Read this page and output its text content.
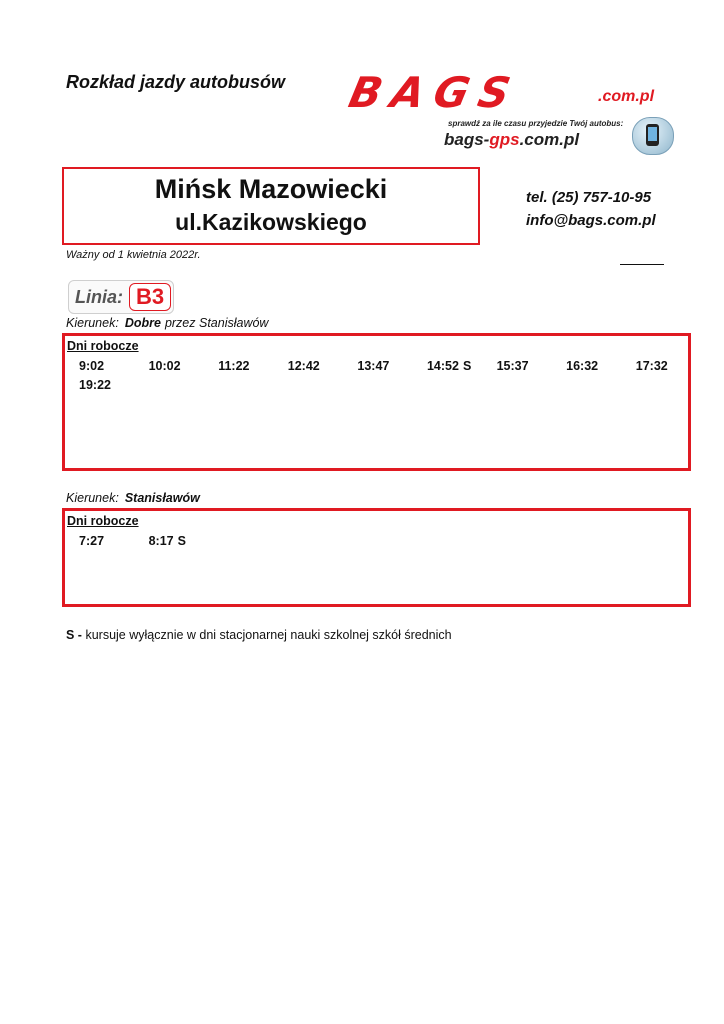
Rozkład jazdy autobusów BAGS	.com.pl
sprawdź za ile czasu przyjedzie Twój autobus:
bags-gps.com.pl
Mińsk Mazowiecki
ul.Kazikowskiego
tel. (25) 757-10-95
info@bags.com.pl
Ważny od 1 kwietnia 2022r.
Linia: B3
Kierunek: Dobre przez Stanisławów
Dni robocze
9:02	10:02	11:22	12:42	13:47	14:52 S	15:37	16:32	17:32
19:22
Kierunek: Stanisławów
Dni robocze
7:27	8:17 S
S - kursuje wyłącznie w dni stacjonarnej nauki szkolnej szkół średnich
